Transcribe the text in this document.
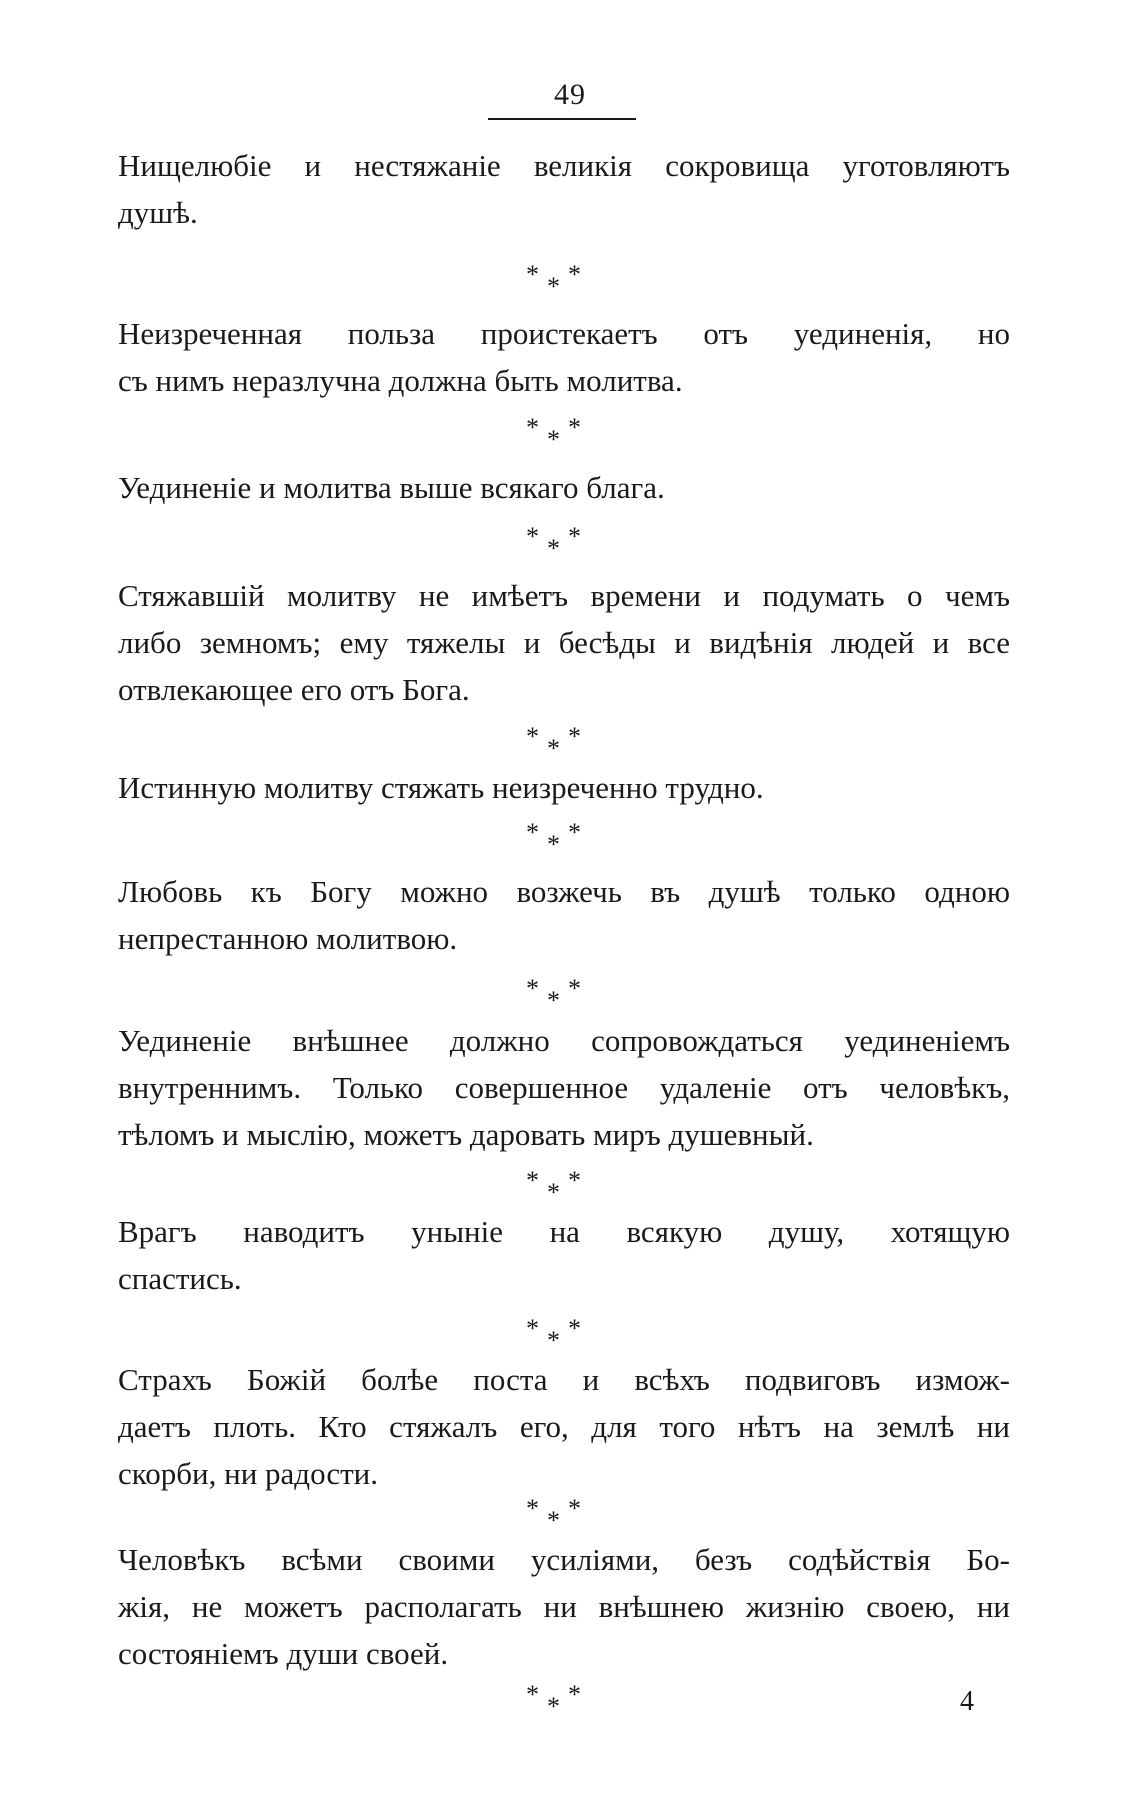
49

Нищелюбіе и нестяжаніе великія сокровища уготовляютъ
душѣ.

* *
*

Неизреченная польза проистекаетъ отъ уединенія, но
съ нимъ неразлучна должна быть молитва.

* *
*

Уединеніе и молитва выше всякаго блага.

* *
*

Стяжавшій молитву не имѣетъ времени и подумать о чемъ
либо земномъ; ему тяжелы и бесѣды и видѣнія людей и все
отвлекающее его отъ Бога.

* *
*

Истинную молитву стяжать неизреченно трудно.

* *
*

Любовь къ Богу можно возжечь въ душѣ только одною
непрестанною молитвою.

* *
*

Уединеніе внѣшнее должно сопровождаться уединеніемъ
внутреннимъ. Только совершенное удаленіе отъ человѣкъ,
тѣломъ и мыслію, можетъ даровать миръ душевный.

* *
*

Врагъ наводитъ уныніе на всякую душу, хотящую
спастись.

* *
*

Страхъ Божій болѣе поста и всѣхъ подвиговъ измож-
даетъ плоть. Кто стяжалъ его, для того нѣтъ на землѣ ни
скорби, ни радости.

* *
*

Человѣкъ всѣми своими усиліями, безъ содѣйствія Бо-
жія, не можетъ располагать ни внѣшнею жизнію своею, ни
состояніемъ души своей.

* *
*	4
